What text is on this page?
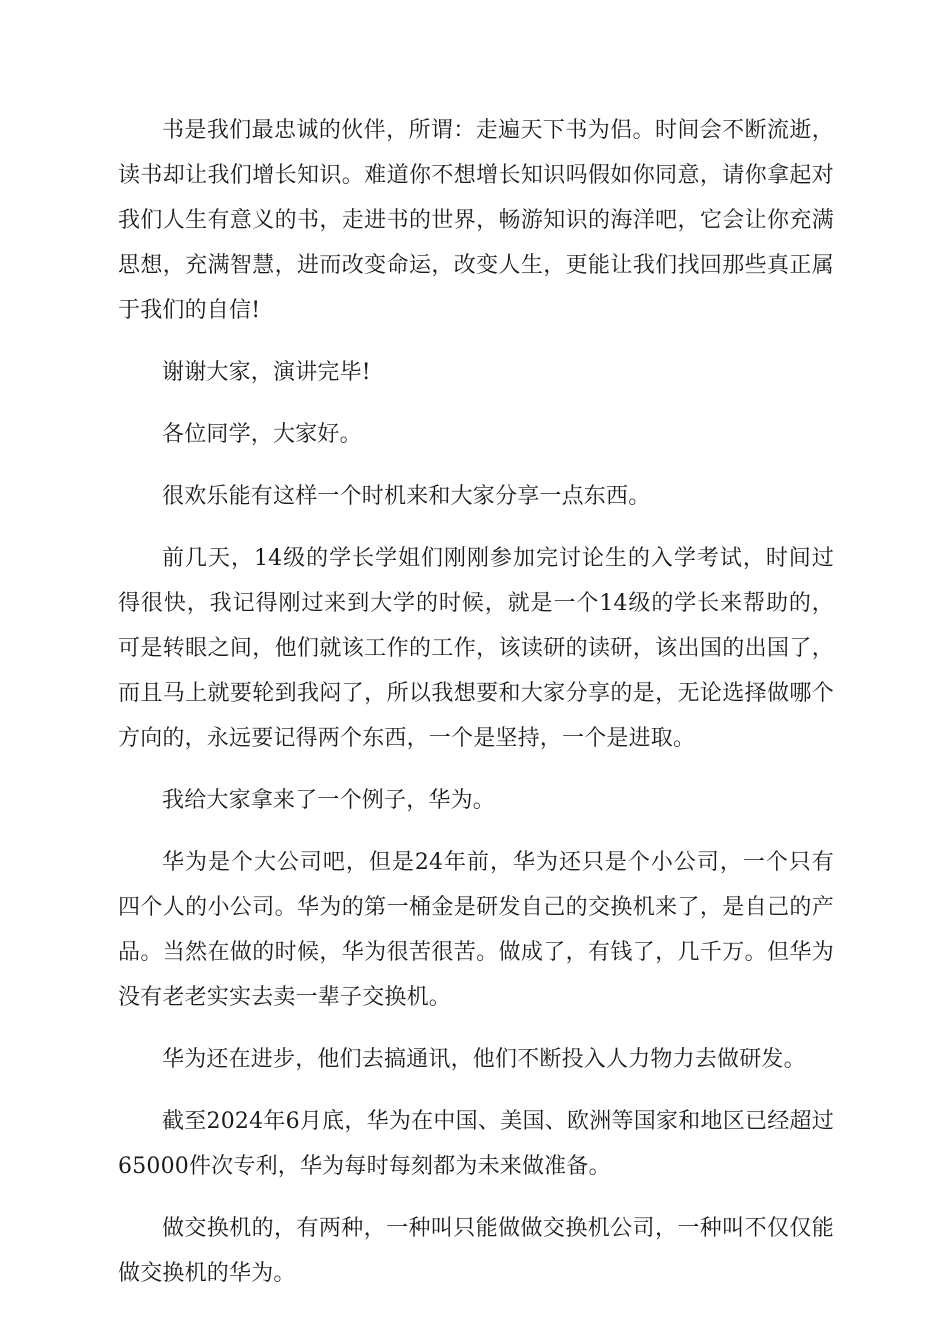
书是我们最忠诚的伙伴，所谓：走遍天下书为侣。时间会不断流逝，读书却让我们增长知识。难道你不想增长知识吗假如你同意，请你拿起对我们人生有意义的书，走进书的世界，畅游知识的海洋吧，它会让你充满思想，充满智慧，进而改变命运，改变人生，更能让我们找回那些真正属于我们的自信!

谢谢大家，演讲完毕!

各位同学，大家好。

很欢乐能有这样一个时机来和大家分享一点东西。

前几天，14级的学长学姐们刚刚参加完讨论生的入学考试，时间过得很快，我记得刚过来到大学的时候，就是一个14级的学长来帮助的，可是转眼之间，他们就该工作的工作，该读研的读研，该出国的出国了，而且马上就要轮到我闷了，所以我想要和大家分享的是，无论选择做哪个方向的，永远要记得两个东西，一个是坚持，一个是进取。

我给大家拿来了一个例子，华为。

华为是个大公司吧，但是24年前，华为还只是个小公司，一个只有四个人的小公司。华为的第一桶金是研发自己的交换机来了，是自己的产品。当然在做的时候，华为很苦很苦。做成了，有钱了，几千万。但华为没有老老实实去卖一辈子交换机。

华为还在进步，他们去搞通讯，他们不断投入人力物力去做研发。

截至2024年6月底，华为在中国、美国、欧洲等国家和地区已经超过65000件次专利，华为每时每刻都为未来做准备。

做交换机的，有两种，一种叫只能做做交换机公司，一种叫不仅仅能做交换机的华为。
